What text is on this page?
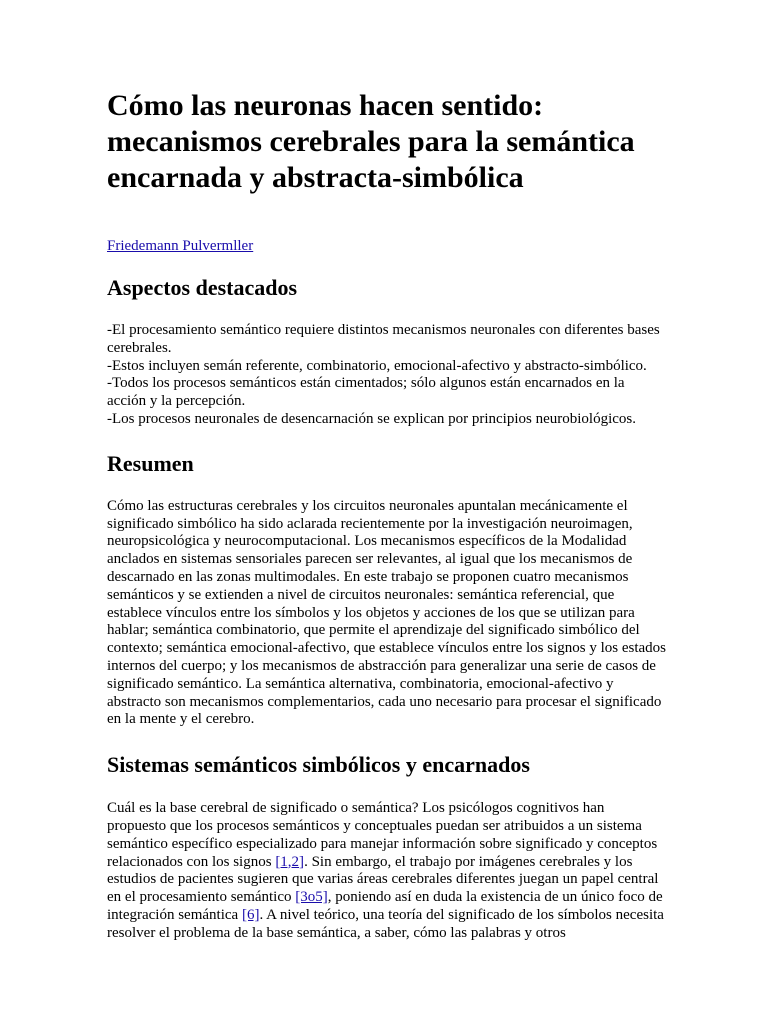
Cómo las neuronas hacen sentido: mecanismos cerebrales para la semántica encarnada y abstracta-simbólica
Friedemann Pulvermller
Aspectos destacados

-El procesamiento semántico requiere distintos mecanismos neuronales con diferentes bases cerebrales.
-Estos incluyen semán referente, combinatorio, emocional-afectivo y abstracto-simbólico.
-Todos los procesos semánticos están cimentados; sólo algunos están encarnados en la acción y la percepción.
-Los procesos neuronales de desencarnación se explican por principios neurobiológicos.

Resumen

Cómo las estructuras cerebrales y los circuitos neuronales apuntalan mecánicamente el significado simbólico ha sido aclarada recientemente por la investigación neuroimagen, neuropsicológica y neurocomputacional. Los mecanismos específicos de la Modalidad anclados en sistemas sensoriales parecen ser relevantes, al igual que los mecanismos de descarnado en las zonas multimodales. En este trabajo se proponen cuatro mecanismos semánticos y se extienden a nivel de circuitos neuronales: semántica referencial, que establece vínculos entre los símbolos y los objetos y acciones de los que se utilizan para hablar; semántica combinatorio, que permite el aprendizaje del significado simbólico del contexto; semántica emocional-afectivo, que establece vínculos entre los signos y los estados internos del cuerpo; y los mecanismos de abstracción para generalizar una serie de casos de significado semántico. La semántica alternativa, combinatoria, emocional-afectivo y abstracto son mecanismos complementarios, cada uno necesario para procesar el significado en la mente y el cerebro.

Sistemas semánticos simbólicos y encarnados

Cuál es la base cerebral de significado o semántica? Los psicólogos cognitivos han propuesto que los procesos semánticos y conceptuales puedan ser atribuidos a un sistema semántico específico especializado para manejar información sobre significado y conceptos relacionados con los signos [1,2]. Sin embargo, el trabajo por imágenes cerebrales y los estudios de pacientes sugieren que varias áreas cerebrales diferentes juegan un papel central en el procesamiento semántico [3o5], poniendo así en duda la existencia de un único foco de integración semántica [6]. A nivel teórico, una teoría del significado de los símbolos necesita resolver el problema de la base semántica, a saber, cómo las palabras y otros
